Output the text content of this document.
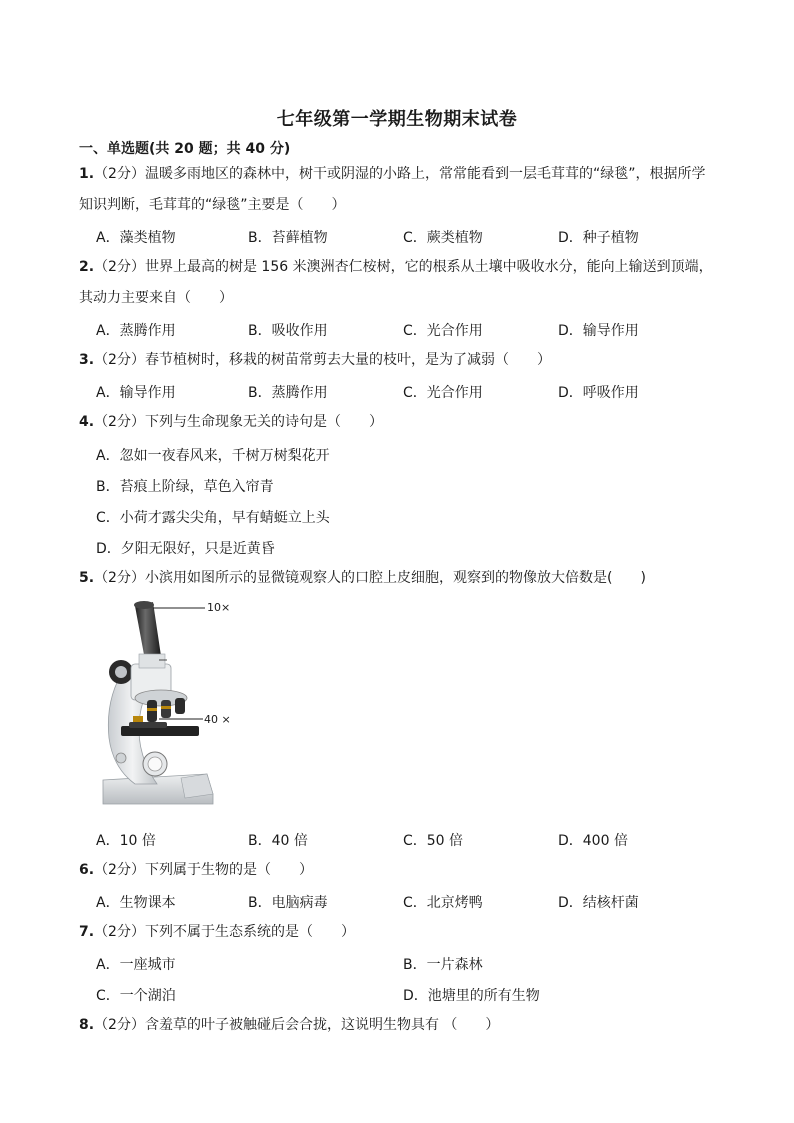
七年级第一学期生物期末试卷
一、单选题(共 20 题；共 40 分)
1.（2分）温暖多雨地区的森林中，树干或阴湿的小路上，常常能看到一层毛茸茸的“绿毯”，根据所学知识判断，毛茸茸的“绿毯”主要是（　　）
A．藻类植物	B．苔藓植物	C．蕨类植物	D．种子植物
2.（2分）世界上最高的树是 156 米澳洲杏仁桉树，它的根系从土壤中吸收水分，能向上输送到顶端，其动力主要来自（　　）
A．蒸腾作用	B．吸收作用	C．光合作用	D．输导作用
3.（2分）春节植树时，移栽的树苗常剪去大量的枝叶，是为了减弱（　　）
A．输导作用	B．蒸腾作用	C．光合作用	D．呼吸作用
4.（2分）下列与生命现象无关的诗句是（　　）
A．忽如一夜春风来，千树万树梨花开
B．苔痕上阶绿，草色入帘青
C．小荷才露尖尖角，早有蜻蜓立上头
D．夕阳无限好，只是近黄昏
5.（2分）小滨用如图所示的显微镜观察人的口腔上皮细胞，观察到的物像放大倍数是(　　)
10×
40 ×
A．10 倍	B．40 倍	C．50 倍	D．400 倍
6.（2分）下列属于生物的是（　　）
A．生物课本	B．电脑病毒	C．北京烤鸭	D．结核杆菌
7.（2分）下列不属于生态系统的是（　　）
A．一座城市	B．一片森林
C．一个湖泊	D．池塘里的所有生物
8.（2分）含羞草的叶子被触碰后会合拢，这说明生物具有 （　　）
